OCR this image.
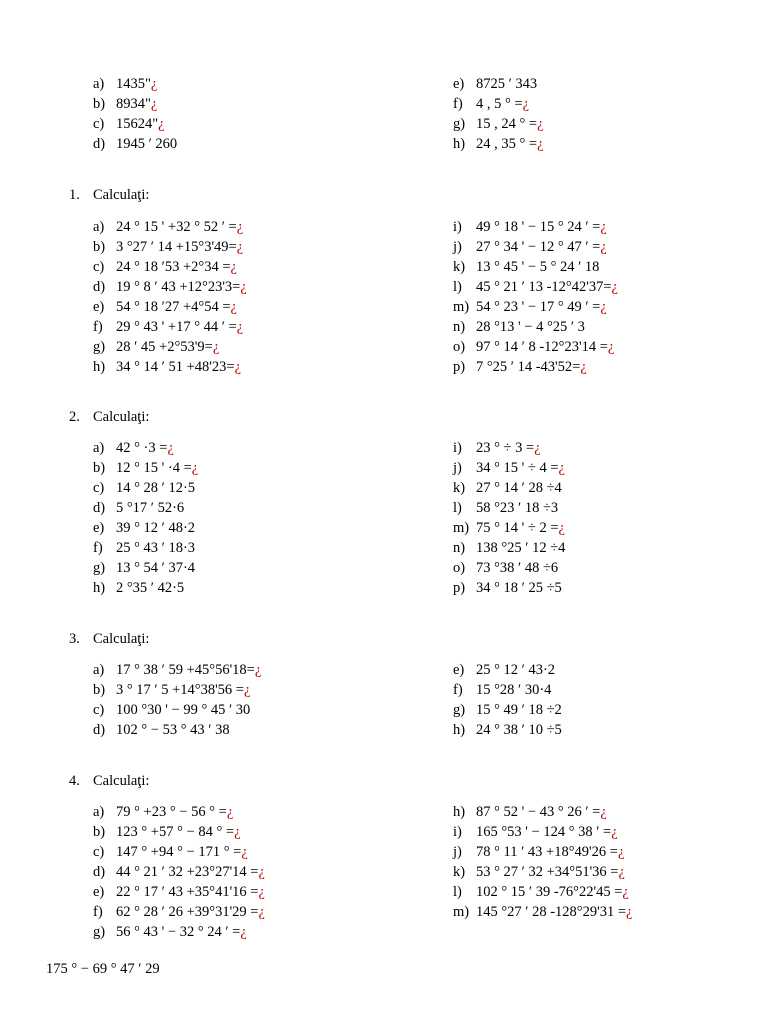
a) 1435"¿
b) 8934"¿
c) 15624"¿
d) 1945 ′ 260
e) 8725 ′ 343
f) 4 , 5 ° =¿
g) 15 , 24 ° =¿
h) 24 , 35 ° =¿
1. Calculaţi:
a) 24 ° 15 ' +32 ° 52 ′ =¿
b) 3 °27 ′ 14 +15°3'49=¿
c) 24 ° 18 ′53 +2°34 =¿
d) 19 ° 8 ′ 43 +12°23'3=¿
e) 54 ° 18 ′27 +4°54 =¿
f) 29 ° 43 ' +17 ° 44 ′ =¿
g) 28 ′ 45 +2°53'9=¿
h) 34 ° 14 ′ 51 +48'23=¿
i) 49 ° 18 ' − 15 ° 24 ′ =¿
j) 27 ° 34 ' − 12 ° 47 ′ =¿
k) 13 ° 45 ' − 5 ° 24 ′ 18
l) 45 ° 21 ′ 13 -12°42'37=¿
m) 54 ° 23 ' − 17 ° 49 ′ =¿
n) 28 °13 ' − 4 °25 ′ 3
o) 97 ° 14 ′ 8 -12°23'14 =¿
p) 7 °25 ′ 14 -43'52=¿
2. Calculaţi:
a) 42 ° ·3 =¿
b) 12 ° 15 ' ·4 =¿
c) 14 ° 28 ′ 12·5
d) 5 °17 ′ 52·6
e) 39 ° 12 ′ 48·2
f) 25 ° 43 ′ 18·3
g) 13 ° 54 ′ 37·4
h) 2 °35 ′ 42·5
i) 23 ° ÷ 3 =¿
j) 34 ° 15 ' ÷ 4 =¿
k) 27 ° 14 ′ 28 ÷4
l) 58 °23 ′ 18 ÷3
m) 75 ° 14 ' ÷ 2 =¿
n) 138 °25 ′ 12 ÷4
o) 73 °38 ′ 48 ÷6
p) 34 ° 18 ′ 25 ÷5
3. Calculaţi:
a) 17 ° 38 ′ 59 +45°56'18=¿
b) 3 ° 17 ′ 5 +14°38'56 =¿
c) 100 °30 ' − 99 ° 45 ′ 30
d) 102 ° − 53 ° 43 ′ 38
e) 25 ° 12 ′ 43·2
f) 15 °28 ′ 30·4
g) 15 ° 49 ′ 18 ÷2
h) 24 ° 38 ′ 10 ÷5
4. Calculaţi:
a) 79 ° +23 ° − 56 ° =¿
b) 123 ° +57 ° − 84 ° =¿
c) 147 ° +94 ° − 171 ° =¿
d) 44 ° 21 ′ 32 +23°27'14 =¿
e) 22 ° 17 ′ 43 +35°41'16 =¿
f) 62 ° 28 ′ 26 +39°31'29 =¿
g) 56 ° 43 ' − 32 ° 24 ′ =¿
h) 87 ° 52 ' − 43 ° 26 ′ =¿
i) 165 °53 ' − 124 ° 38 ′ =¿
j) 78 ° 11 ′ 43 +18°49'26 =¿
k) 53 ° 27 ′ 32 +34°51'36 =¿
l) 102 ° 15 ′ 39 -76°22'45 =¿
m) 145 °27 ′ 28 -128°29'31 =¿
175 ° − 69 ° 47 ′ 29
